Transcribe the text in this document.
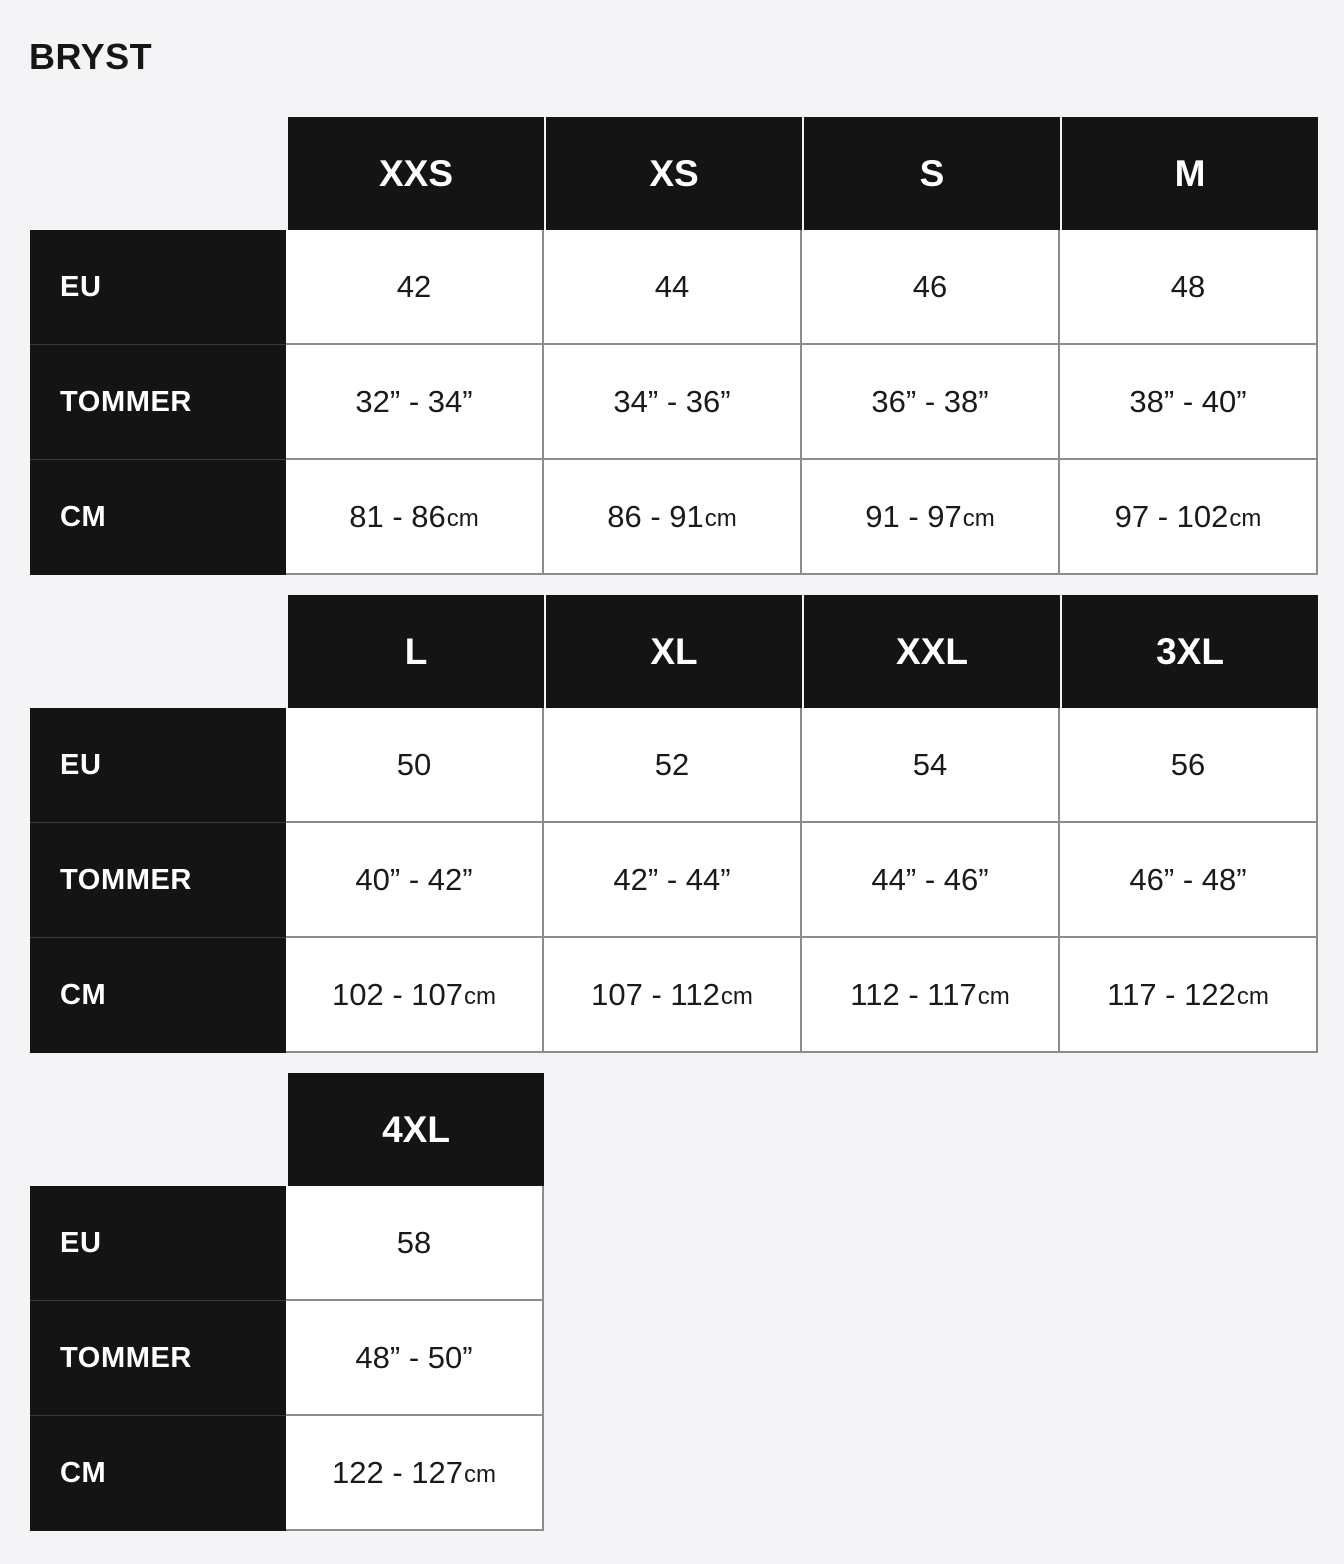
BRYST
XXS	XS	S	M
EU	42	44	46	48
TOMMER	32” - 34”	34” - 36”	36” - 38”	38” - 40”
CM	81 - 86 cm	86 - 91 cm	91 - 97 cm	97 - 102 cm
L	XL	XXL	3XL
EU	50	52	54	56
TOMMER	40” - 42”	42” - 44”	44” - 46”	46” - 48”
CM	102 - 107 cm	107 - 112 cm	112 - 117 cm	117 - 122 cm
4XL
EU	58
TOMMER	48” - 50”
CM	122 - 127 cm
